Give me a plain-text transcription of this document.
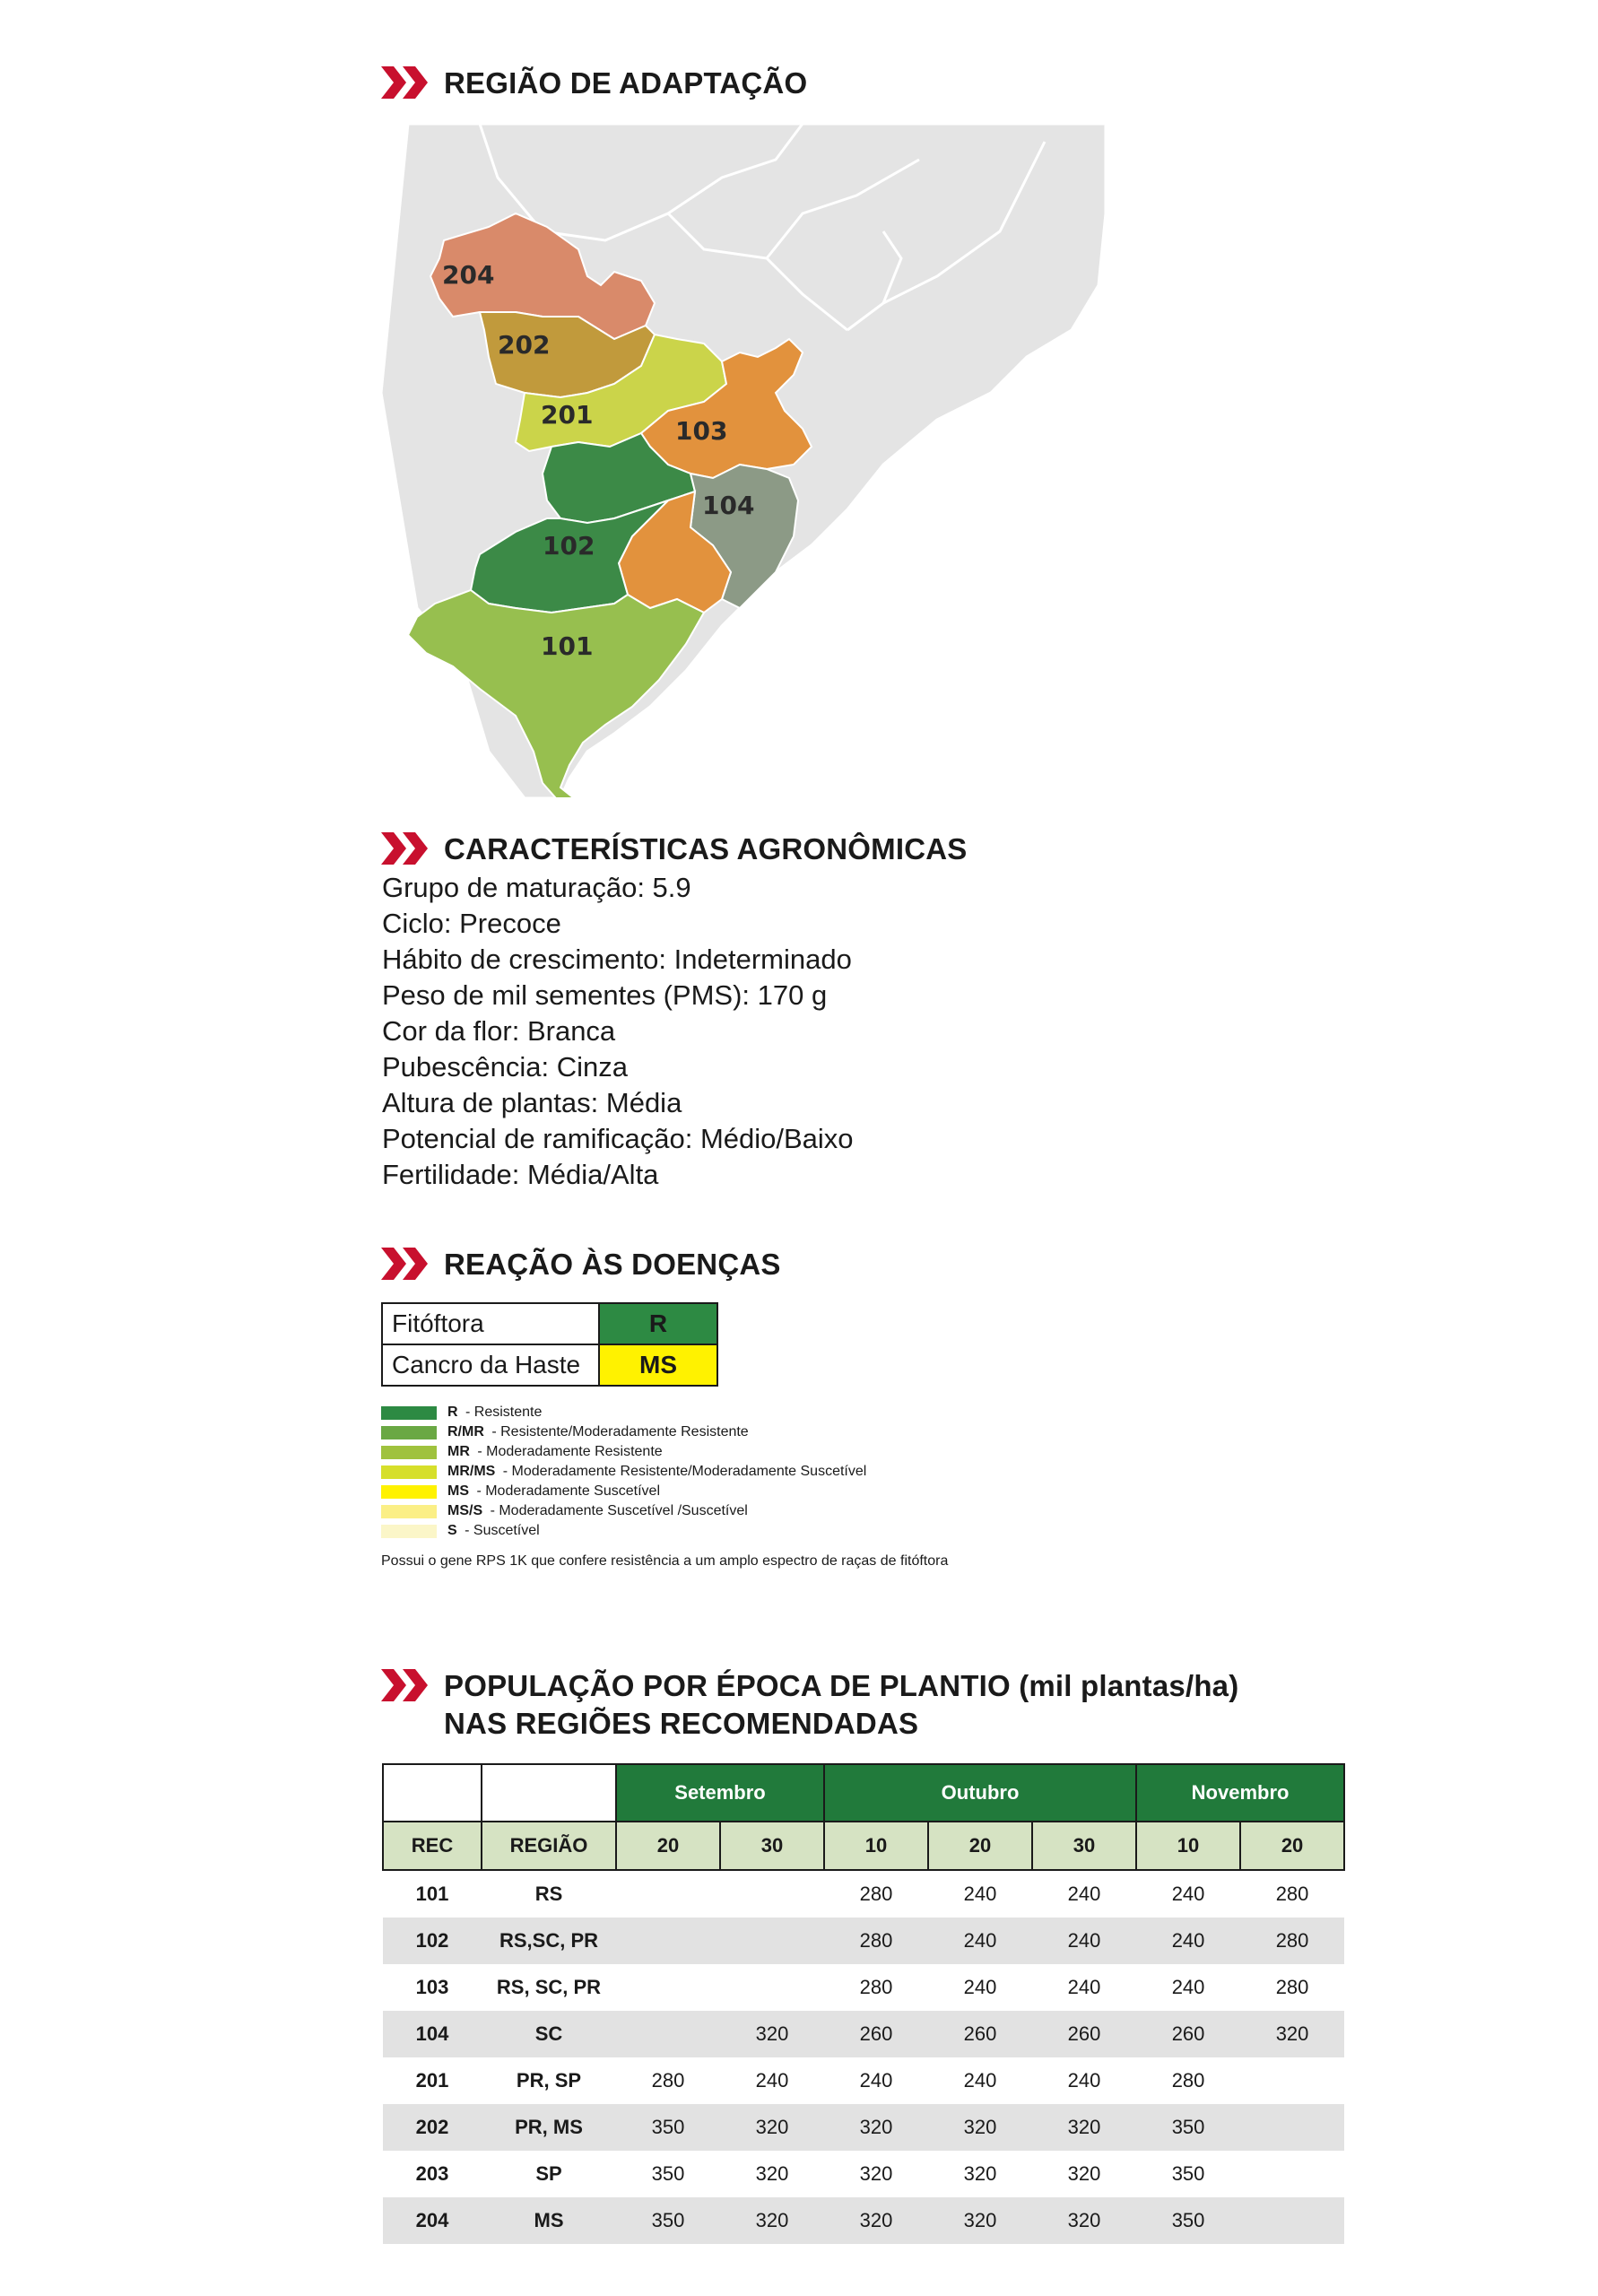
REGIÃO DE ADAPTAÇÃO
204
202
201
103
104
102
101
CARACTERÍSTICAS AGRONÔMICAS
Grupo de maturação: 5.9
Ciclo: Precoce
Hábito de crescimento: Indeterminado
Peso de mil sementes (PMS): 170 g
Cor da flor: Branca
Pubescência: Cinza
Altura de plantas: Média
Potencial de ramificação: Médio/Baixo
Fertilidade: Média/Alta
REAÇÃO ÀS DOENÇAS
Fitóftora	R
Cancro da Haste	MS
R - Resistente
R/MR - Resistente/Moderadamente Resistente
MR - Moderadamente Resistente
MR/MS - Moderadamente Resistente/Moderadamente Suscetível
MS - Moderadamente Suscetível
MS/S - Moderadamente Suscetível /Suscetível
S - Suscetível
Possui o gene RPS 1K que confere resistência a um amplo espectro de raças de fitóftora
POPULAÇÃO POR ÉPOCA DE PLANTIO (mil plantas/ha)
NAS REGIÕES RECOMENDADAS
		Setembro		Outubro			Novembro	
REC	REGIÃO	20	30	10	20	30	10	20
101	RS			280	240	240	240	280
102	RS,SC, PR			280	240	240	240	280
103	RS, SC, PR			280	240	240	240	280
104	SC		320	260	260	260	260	320
201	PR, SP	280	240	240	240	240	280	
202	PR, MS	350	320	320	320	320	350	
203	SP	350	320	320	320	320	350	
204	MS	350	320	320	320	320	350	
